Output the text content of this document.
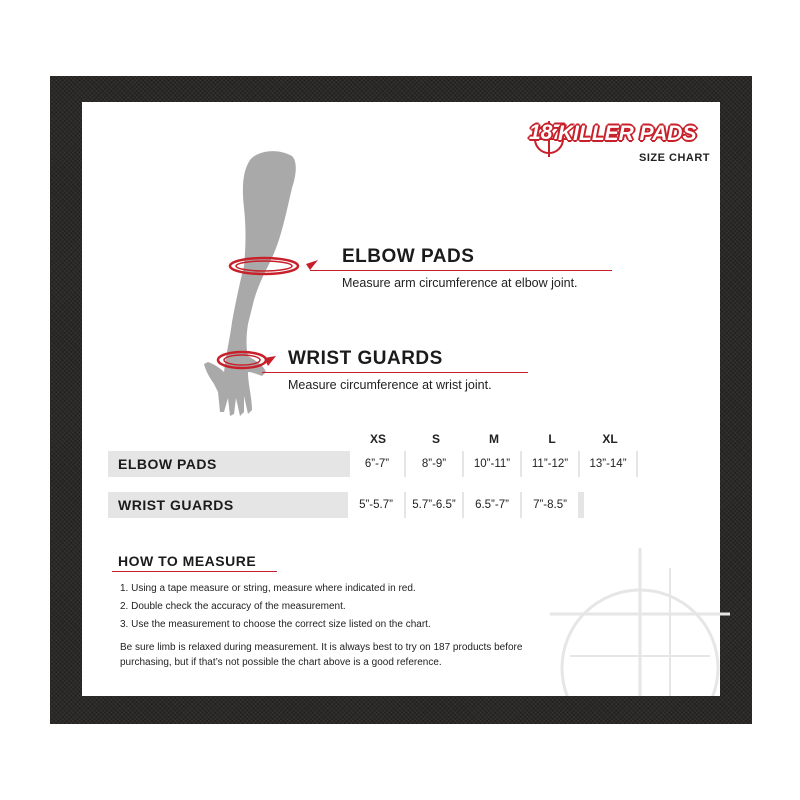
187
KILLER PADS
SIZE CHART
ELBOW PADS
Measure arm circumference at elbow joint.
WRIST GUARDS
Measure circumference at wrist joint.
XS	S	M	L	XL
ELBOW PADS	6”-7”	8”-9”	10”-11”	11”-12”	13”-14”
WRIST GUARDS	5”-5.7”	5.7”-6.5”	6.5”-7”	7”-8.5”
HOW TO MEASURE
1. Using a tape measure or string, measure where indicated in red.
2. Double check the accuracy of the measurement.
3. Use the measurement to choose the correct size listed on the chart.
Be sure limb is relaxed during measurement. It is always best to try on 187 products before purchasing, but if that’s not possible the chart above is a good reference.
